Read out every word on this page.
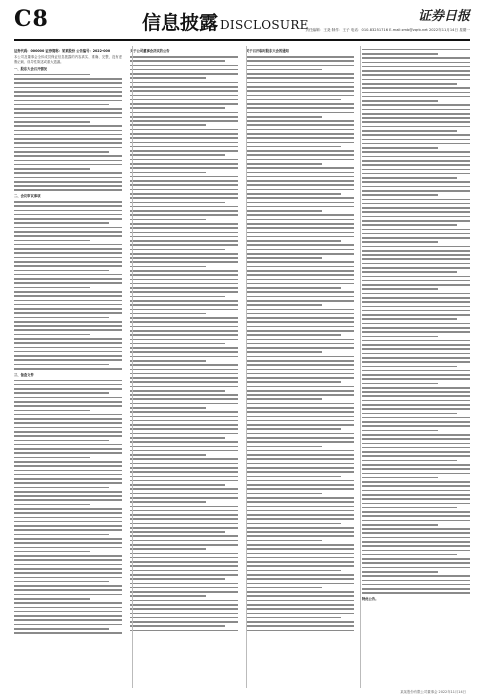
C8	信息披露 DISCLOSURE
证券日报
责任编辑：王尧 制作：王子 电话：010-83251716 E-mail:zmb@zqrb.net 2022年11月14日 星期一

证券代码：000000 证券简称：某某股份 公告编号：2022-000

本公司及董事会全体成员保证信息披露的内容真实、准确、完整，没有虚假记载、误导性陈述或重大遗漏。

一、股东大会召开情况

二、会议审议事项

三、备查文件

关于公司董事会决议的公告	关于召开临时股东大会的通知

特此公告。

某某股份有限公司董事会 2022年11月14日
